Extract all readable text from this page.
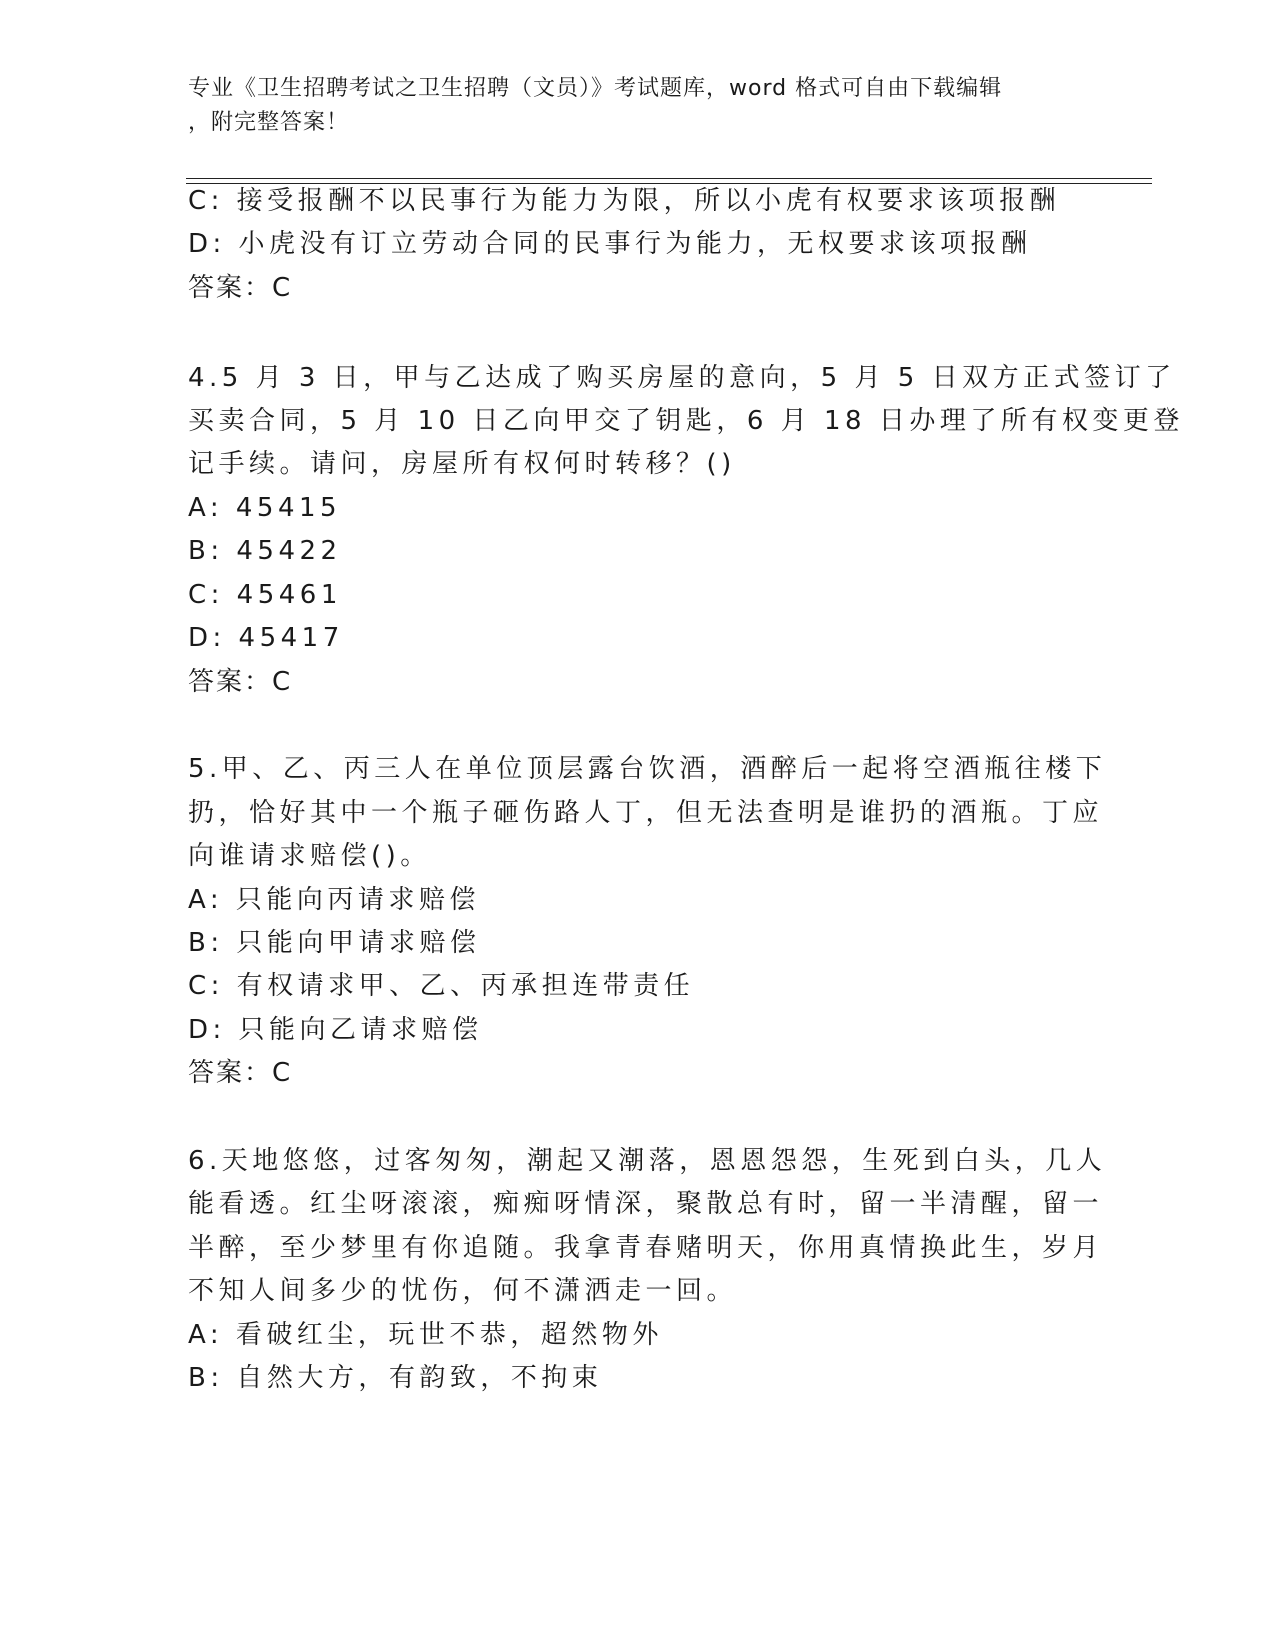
专业《卫生招聘考试之卫生招聘（文员）》考试题库，word 格式可自由下载编辑
，附完整答案！
C: 接受报酬不以民事行为能力为限，所以小虎有权要求该项报酬
D: 小虎没有订立劳动合同的民事行为能力，无权要求该项报酬
答案：C
4.5 月 3 日，甲与乙达成了购买房屋的意向，5 月 5 日双方正式签订了
买卖合同，5 月 10 日乙向甲交了钥匙，6 月 18 日办理了所有权变更登
记手续。请问，房屋所有权何时转移？()
A: 45415
B: 45422
C: 45461
D: 45417
答案：C
5.甲、乙、丙三人在单位顶层露台饮酒，酒醉后一起将空酒瓶往楼下
扔，恰好其中一个瓶子砸伤路人丁，但无法查明是谁扔的酒瓶。丁应
向谁请求赔偿()。
A: 只能向丙请求赔偿
B: 只能向甲请求赔偿
C: 有权请求甲、乙、丙承担连带责任
D: 只能向乙请求赔偿
答案：C
6.天地悠悠，过客匆匆，潮起又潮落，恩恩怨怨，生死到白头，几人
能看透。红尘呀滚滚，痴痴呀情深，聚散总有时，留一半清醒，留一
半醉，至少梦里有你追随。我拿青春赌明天，你用真情换此生，岁月
不知人间多少的忧伤，何不潇洒走一回。
A: 看破红尘，玩世不恭，超然物外
B: 自然大方，有韵致，不拘束
